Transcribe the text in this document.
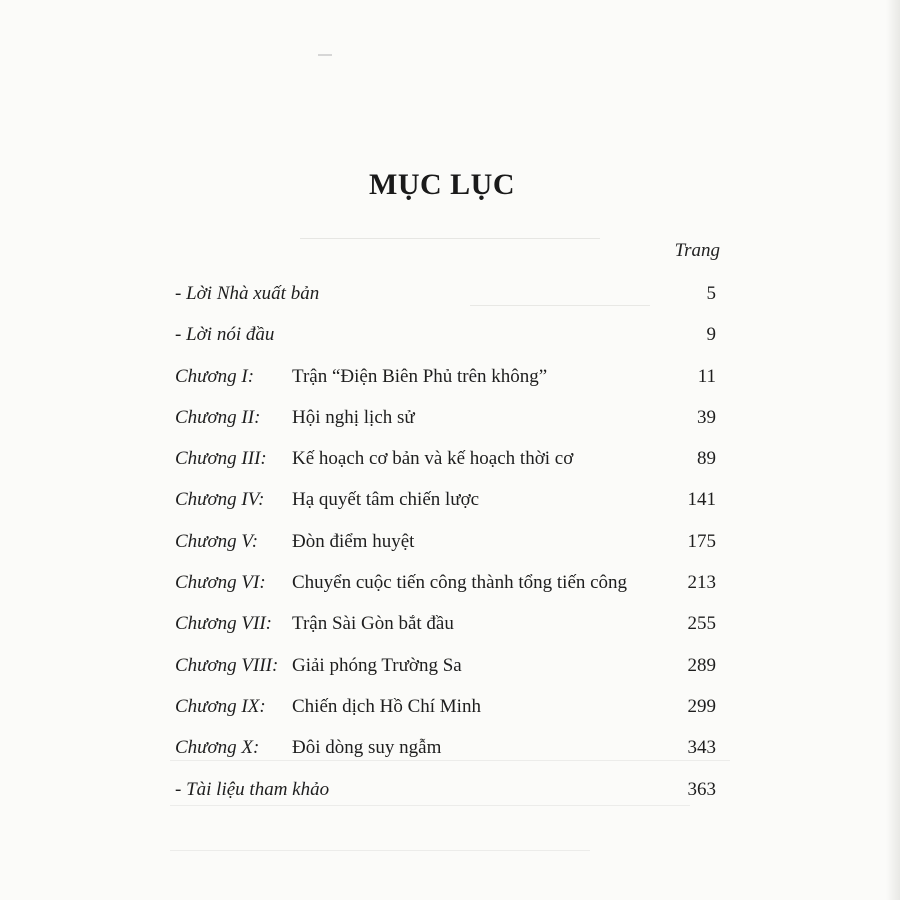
MỤC LỤC
Trang
- Lời Nhà xuất bản	5
- Lời nói đầu	9
Chương I: Trận “Điện Biên Phủ trên không”	11
Chương II: Hội nghị lịch sử	39
Chương III: Kế hoạch cơ bản và kế hoạch thời cơ	89
Chương IV: Hạ quyết tâm chiến lược	141
Chương V: Đòn điểm huyệt	175
Chương VI: Chuyển cuộc tiến công thành tổng tiến công	213
Chương VII: Trận Sài Gòn bắt đầu	255
Chương VIII: Giải phóng Trường Sa	289
Chương IX: Chiến dịch Hồ Chí Minh	299
Chương X: Đôi dòng suy ngẫm	343
- Tài liệu tham khảo	363
